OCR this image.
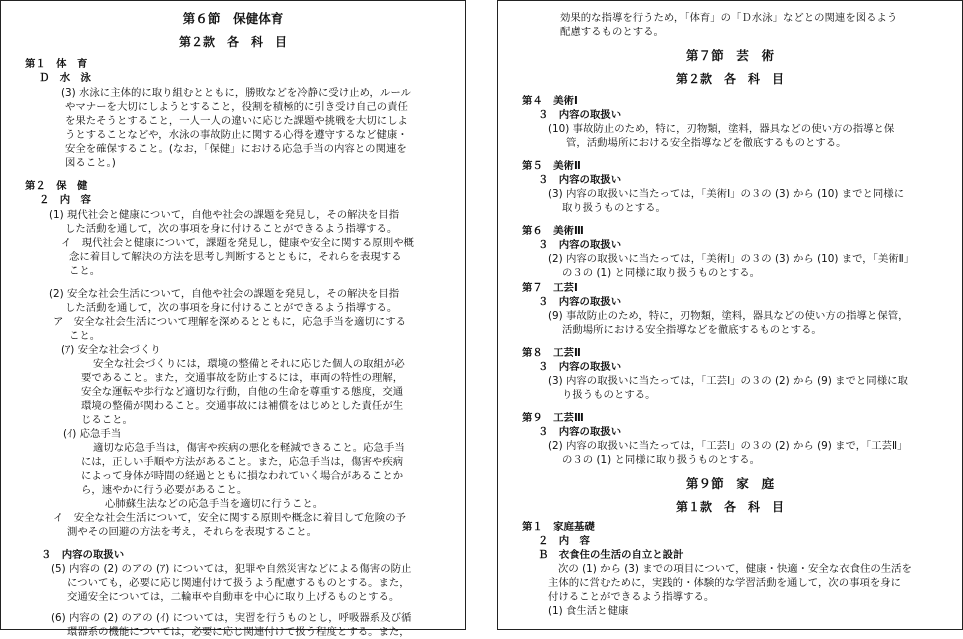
第６節　保健体育
第２款　各　科　目
第１　体　育
Ｄ　水　泳
(3) 水泳に主体的に取り組むとともに，勝敗などを冷静に受け止め，ルール
やマナーを大切にしようとすること，役割を積極的に引き受け自己の責任
を果たそうとすること，一人一人の違いに応じた課題や挑戦を大切にしよ
うとすることなどや，水泳の事故防止に関する心得を遵守するなど健康・
安全を確保すること。(なお，「保健」における応急手当の内容との関連を
図ること。)
第２　保　健
２　内　容
(1) 現代社会と健康について，自他や社会の課題を発見し，その解決を目指
した活動を通して，次の事項を身に付けることができるよう指導する。
イ　現代社会と健康について，課題を発見し，健康や安全に関する原則や概
念に着目して解決の方法を思考し判断するとともに，それらを表現する
こと。
(2) 安全な社会生活について，自他や社会の課題を発見し，その解決を目指
した活動を通して，次の事項を身に付けることができるよう指導する。
ア　安全な社会生活について理解を深めるとともに，応急手当を適切にする
こと。
(ｱ) 安全な社会づくり
安全な社会づくりには，環境の整備とそれに応じた個人の取組が必
要であること。また，交通事故を防止するには，車両の特性の理解，
安全な運転や歩行など適切な行動，自他の生命を尊重する態度，交通
環境の整備が関わること。交通事故には補償をはじめとした責任が生
じること。
(ｲ) 応急手当
適切な応急手当は，傷害や疾病の悪化を軽減できること。応急手当
には，正しい手順や方法があること。また，応急手当は，傷害や疾病
によって身体が時間の経過とともに損なわれていく場合があることか
ら，速やかに行う必要があること。
心肺蘇生法などの応急手当を適切に行うこと。
イ　安全な社会生活について，安全に関する原則や概念に着目して危険の予
測やその回避の方法を考え，それらを表現すること。
３　内容の取扱い
(5) 内容の (2) のアの (ｱ) については，犯罪や自然災害などによる傷害の防止
についても，必要に応じ関連付けて扱うよう配慮するものとする。また，
交通安全については，二輪車や自動車を中心に取り上げるものとする。
(6) 内容の (2) のアの (ｲ) については，実習を行うものとし，呼吸器系及び循
環器系の機能については，必要に応じ関連付けて扱う程度とする。また，
効果的な指導を行うため，「体育」の「Ｄ水泳」などとの関連を図るよう
配慮するものとする。
第７節　芸　術
第２款　各　科　目
第４　美術Ⅰ
３　内容の取扱い
(10) 事故防止のため，特に，刃物類，塗料，器具などの使い方の指導と保
管，活動場所における安全指導などを徹底するものとする。
第５　美術Ⅱ
３　内容の取扱い
(3) 内容の取扱いに当たっては，「美術Ⅰ」の３の (3) から (10) までと同様に
取り扱うものとする。
第６　美術Ⅲ
３　内容の取扱い
(2) 内容の取扱いに当たっては，「美術Ⅰ」の３の (3) から (10) まで，「美術Ⅱ」
の３の (1) と同様に取り扱うものとする。
第７　工芸Ⅰ
３　内容の取扱い
(9) 事故防止のため，特に，刃物類，塗料，器具などの使い方の指導と保管，
活動場所における安全指導などを徹底するものとする。
第８　工芸Ⅱ
３　内容の取扱い
(3) 内容の取扱いに当たっては，「工芸Ⅰ」の３の (2) から (9) までと同様に取
り扱うものとする。
第９　工芸Ⅲ
３　内容の取扱い
(2) 内容の取扱いに当たっては，「工芸Ⅰ」の３の (2) から (9) まで，「工芸Ⅱ」
の３の (1) と同様に取り扱うものとする。
第９節　家　庭
第１款　各　科　目
第１　家庭基礎
２　内　容
Ｂ　衣食住の生活の自立と設計
次の (1) から (3) までの項目について，健康・快適・安全な衣食住の生活を
主体的に営むために，実践的・体験的な学習活動を通して，次の事項を身に
付けることができるよう指導する。
(1) 食生活と健康
